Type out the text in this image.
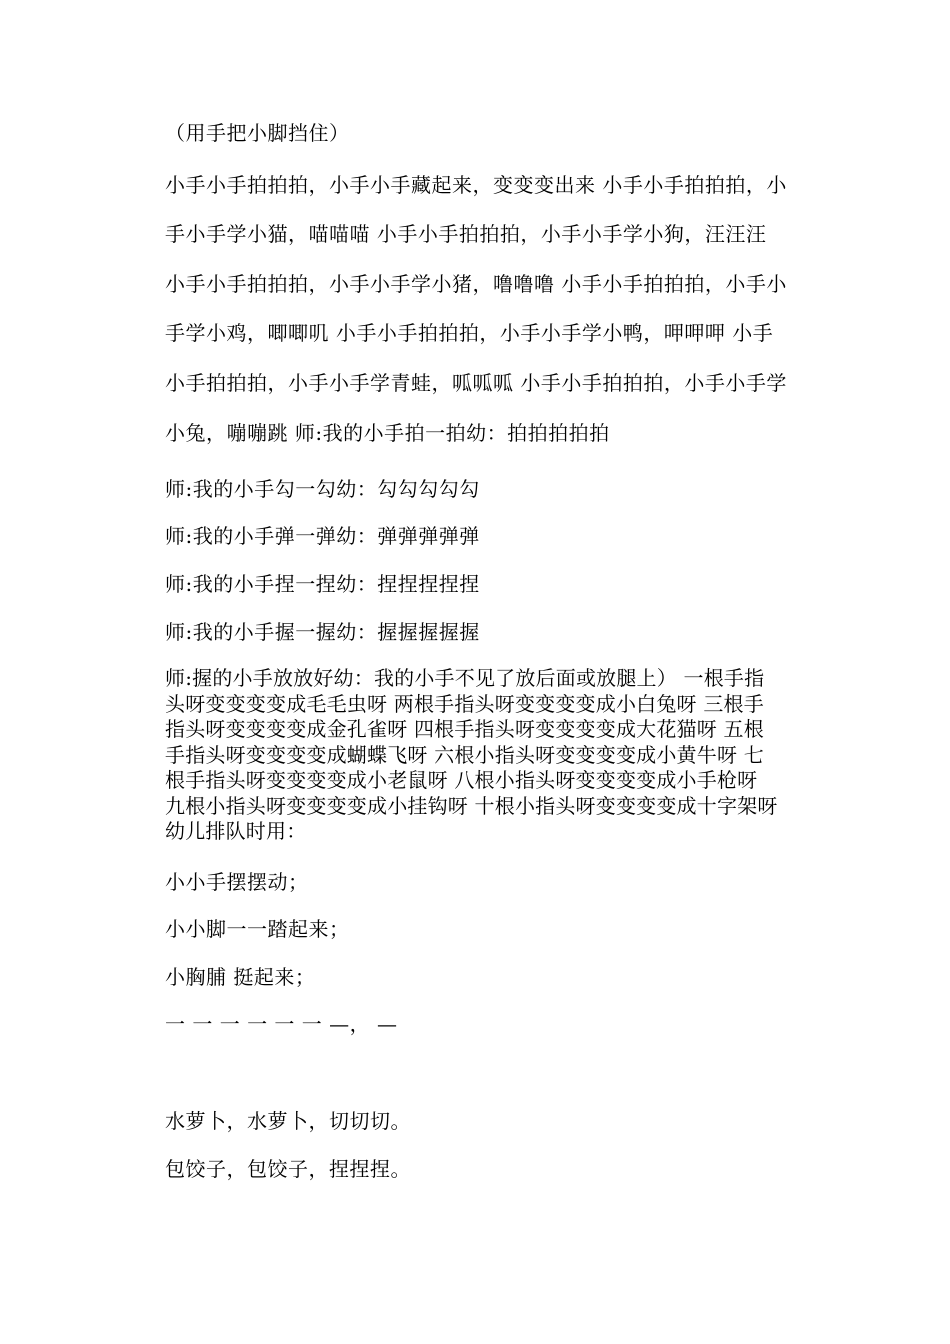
（用手把小脚挡住）
小手小手拍拍拍，小手小手藏起来，变变变出来 小手小手拍拍拍，小
手小手学小猫，喵喵喵 小手小手拍拍拍，小手小手学小狗，汪汪汪
小手小手拍拍拍，小手小手学小猪，噜噜噜 小手小手拍拍拍，小手小
手学小鸡，唧唧叽 小手小手拍拍拍，小手小手学小鸭，呷呷呷 小手
小手拍拍拍，小手小手学青蛙，呱呱呱 小手小手拍拍拍，小手小手学
小兔，嘣嘣跳 师:我的小手拍一拍幼：拍拍拍拍拍
师:我的小手勾一勾幼：勾勾勾勾勾
师:我的小手弹一弹幼：弹弹弹弹弹
师:我的小手捏一捏幼：捏捏捏捏捏
师:我的小手握一握幼：握握握握握
师:握的小手放放好幼：我的小手不见了放后面或放腿上） 一根手指
头呀变变变变成毛毛虫呀 两根手指头呀变变变变成小白兔呀 三根手
指头呀变变变变成金孔雀呀 四根手指头呀变变变变成大花猫呀 五根
手指头呀变变变变成蝴蝶飞呀 六根小指头呀变变变变成小黄牛呀 七
根手指头呀变变变变成小老鼠呀 八根小指头呀变变变变成小手枪呀
九根小指头呀变变变变成小挂钩呀 十根小指头呀变变变变成十字架呀
幼儿排队时用：
小小手摆摆动；
小小脚一一踏起来；
小胸脯 挺起来；
一 一 一 一 一 一 —， —
水萝卜，水萝卜，切切切。
包饺子，包饺子，捏捏捏。
